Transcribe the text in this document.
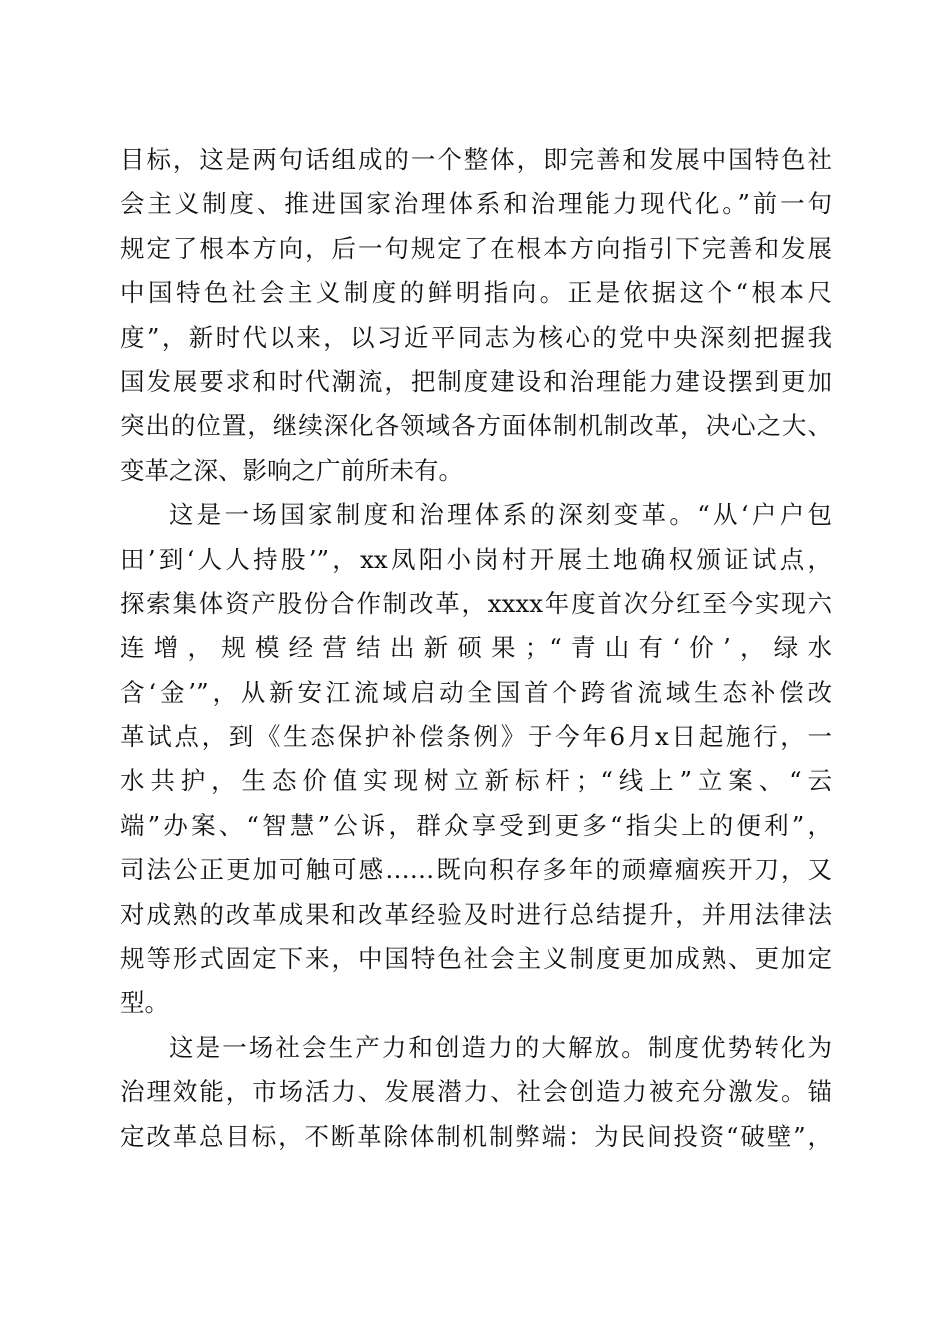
目标，这是两句话组成的一个整体，即完善和发展中国特色社
会主义制度、推进国家治理体系和治理能力现代化。”前一句
规定了根本方向，后一句规定了在根本方向指引下完善和发展
中国特色社会主义制度的鲜明指向。正是依据这个“根本尺
度”，新时代以来，以习近平同志为核心的党中央深刻把握我
国发展要求和时代潮流，把制度建设和治理能力建设摆到更加
突出的位置，继续深化各领域各方面体制机制改革，决心之大、
变革之深、影响之广前所未有。
这是一场国家制度和治理体系的深刻变革。“从‘户户包
田’到‘人人持股’”，xx凤阳小岗村开展土地确权颁证试点，
探索集体资产股份合作制改革，xxxx年度首次分红至今实现六
连增，规模经营结出新硕果；“青山有‘价’，绿水
含‘金’”，从新安江流域启动全国首个跨省流域生态补偿改
革试点，到《生态保护补偿条例》于今年6月x日起施行，一
水共护，生态价值实现树立新标杆；“线上”立案、“云
端”办案、“智慧”公诉，群众享受到更多“指尖上的便利”，
司法公正更加可触可感……既向积存多年的顽瘴痼疾开刀，又
对成熟的改革成果和改革经验及时进行总结提升，并用法律法
规等形式固定下来，中国特色社会主义制度更加成熟、更加定
型。
这是一场社会生产力和创造力的大解放。制度优势转化为
治理效能，市场活力、发展潜力、社会创造力被充分激发。锚
定改革总目标，不断革除体制机制弊端：为民间投资“破壁”，
